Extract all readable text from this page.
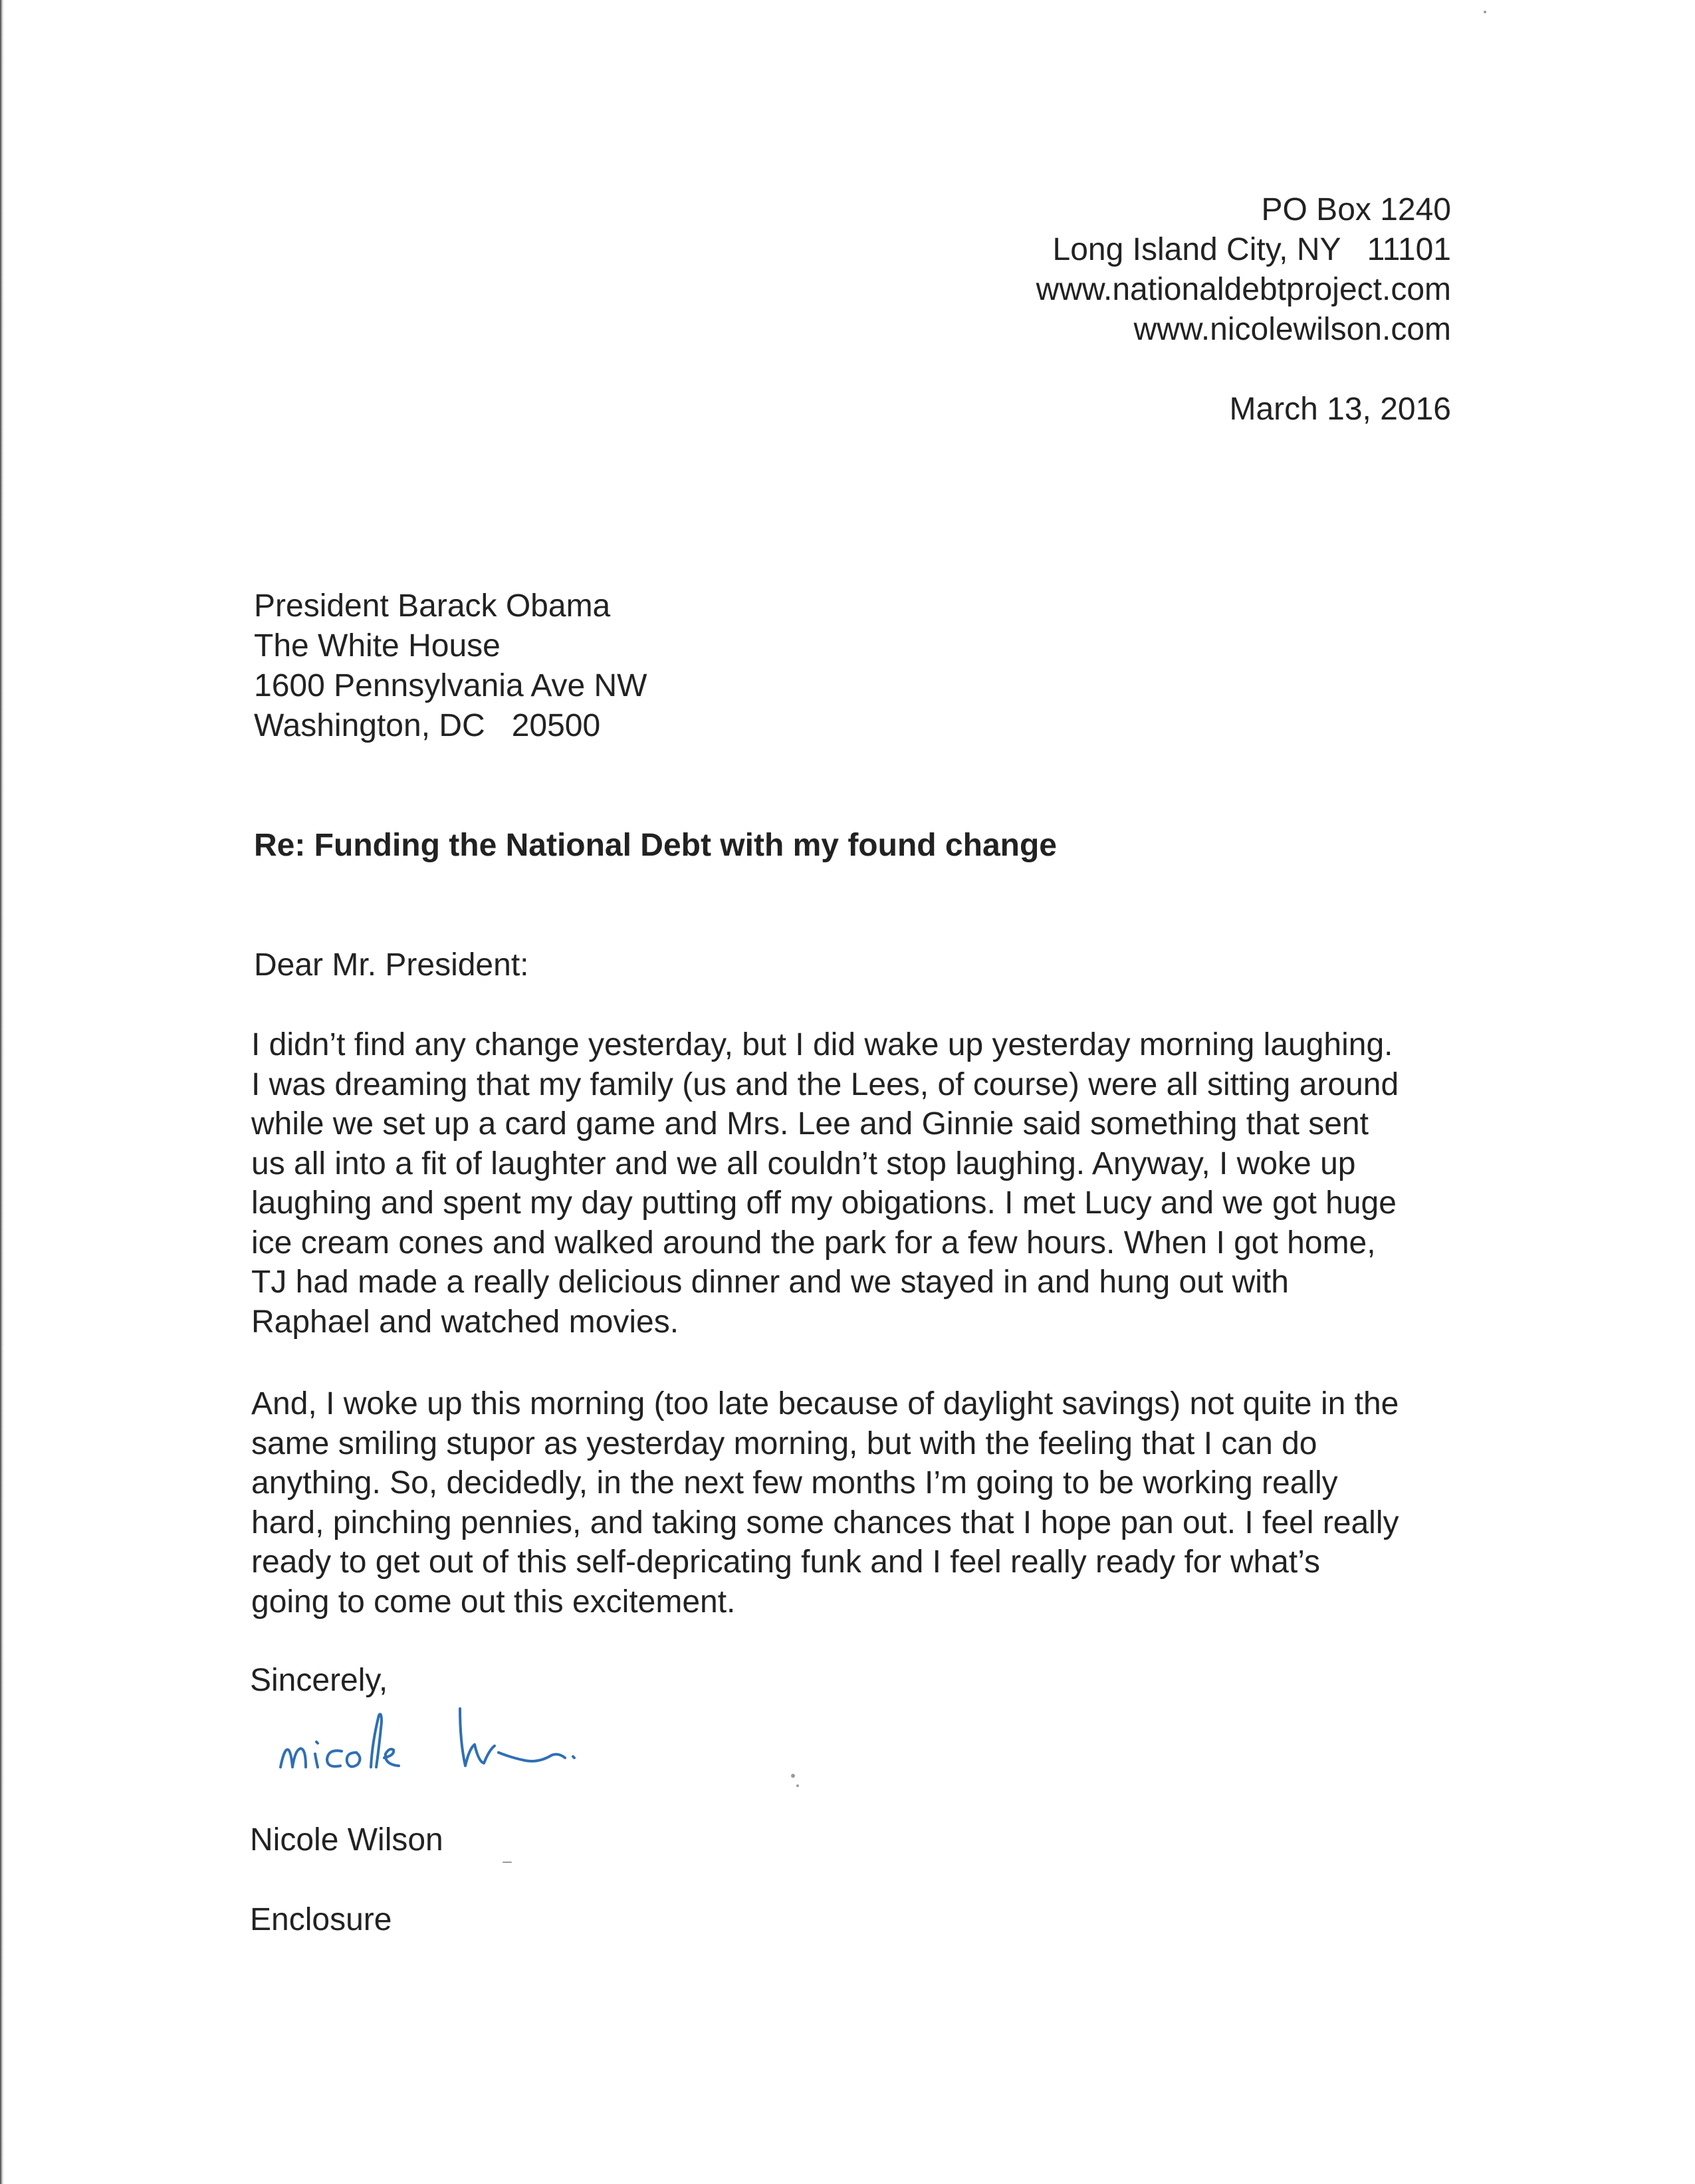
PO Box 1240
Long Island City, NY   11101
www.nationaldebtproject.com
www.nicolewilson.com
March 13, 2016
President Barack Obama
The White House
1600 Pennsylvania Ave NW
Washington, DC   20500
Re: Funding the National Debt with my found change
Dear Mr. President:
I didn’t find any change yesterday, but I did wake up yesterday morning laughing.
I was dreaming that my family (us and the Lees, of course) were all sitting around
while we set up a card game and Mrs. Lee and Ginnie said something that sent
us all into a fit of laughter and we all couldn’t stop laughing. Anyway, I woke up
laughing and spent my day putting off my obigations. I met Lucy and we got huge
ice cream cones and walked around the park for a few hours. When I got home,
TJ had made a really delicious dinner and we stayed in and hung out with
Raphael and watched movies.
And, I woke up this morning (too late because of daylight savings) not quite in the
same smiling stupor as yesterday morning, but with the feeling that I can do
anything. So, decidedly, in the next few months I’m going to be working really
hard, pinching pennies, and taking some chances that I hope pan out. I feel really
ready to get out of this self-depricating funk and I feel really ready for what’s
going to come out this excitement.
Sincerely,
Nicole Wilson
Enclosure
